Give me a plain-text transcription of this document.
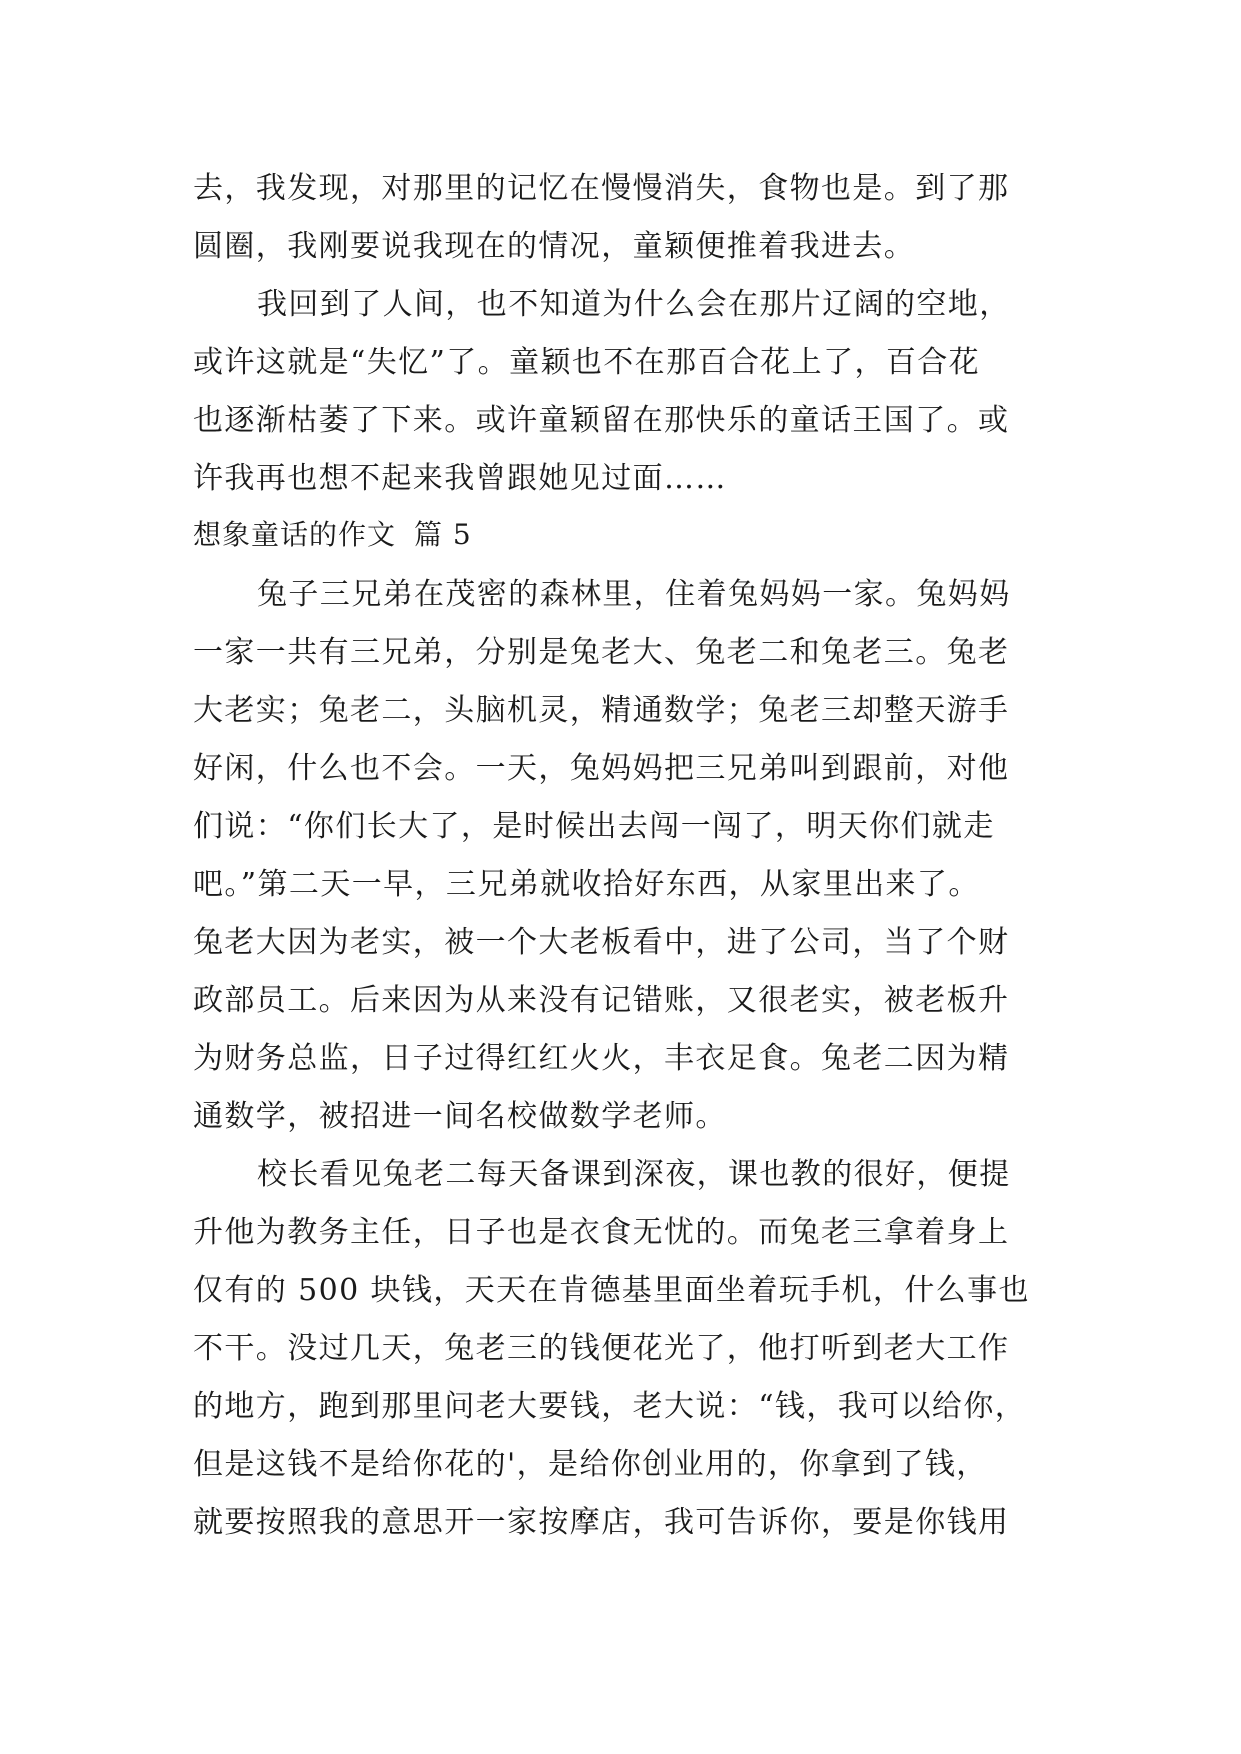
去，我发现，对那里的记忆在慢慢消失，食物也是。到了那
圆圈，我刚要说我现在的情况，童颖便推着我进去。
我回到了人间，也不知道为什么会在那片辽阔的空地，
或许这就是“失忆”了。童颖也不在那百合花上了，百合花
也逐渐枯萎了下来。或许童颖留在那快乐的童话王国了。或
许我再也想不起来我曾跟她见过面……
想象童话的作文 篇 5
兔子三兄弟在茂密的森林里，住着兔妈妈一家。兔妈妈
一家一共有三兄弟，分别是兔老大、兔老二和兔老三。兔老
大老实；兔老二，头脑机灵，精通数学；兔老三却整天游手
好闲，什么也不会。一天，兔妈妈把三兄弟叫到跟前，对他
们说：“你们长大了，是时候出去闯一闯了，明天你们就走
吧。”第二天一早，三兄弟就收拾好东西，从家里出来了。
兔老大因为老实，被一个大老板看中，进了公司，当了个财
政部员工。后来因为从来没有记错账，又很老实，被老板升
为财务总监，日子过得红红火火，丰衣足食。兔老二因为精
通数学，被招进一间名校做数学老师。
校长看见兔老二每天备课到深夜，课也教的很好，便提
升他为教务主任，日子也是衣食无忧的。而兔老三拿着身上
仅有的 500 块钱，天天在肯德基里面坐着玩手机，什么事也
不干。没过几天，兔老三的钱便花光了，他打听到老大工作
的地方，跑到那里问老大要钱，老大说：“钱，我可以给你，
但是这钱不是给你花的'，是给你创业用的，你拿到了钱，
就要按照我的意思开一家按摩店，我可告诉你，要是你钱用
